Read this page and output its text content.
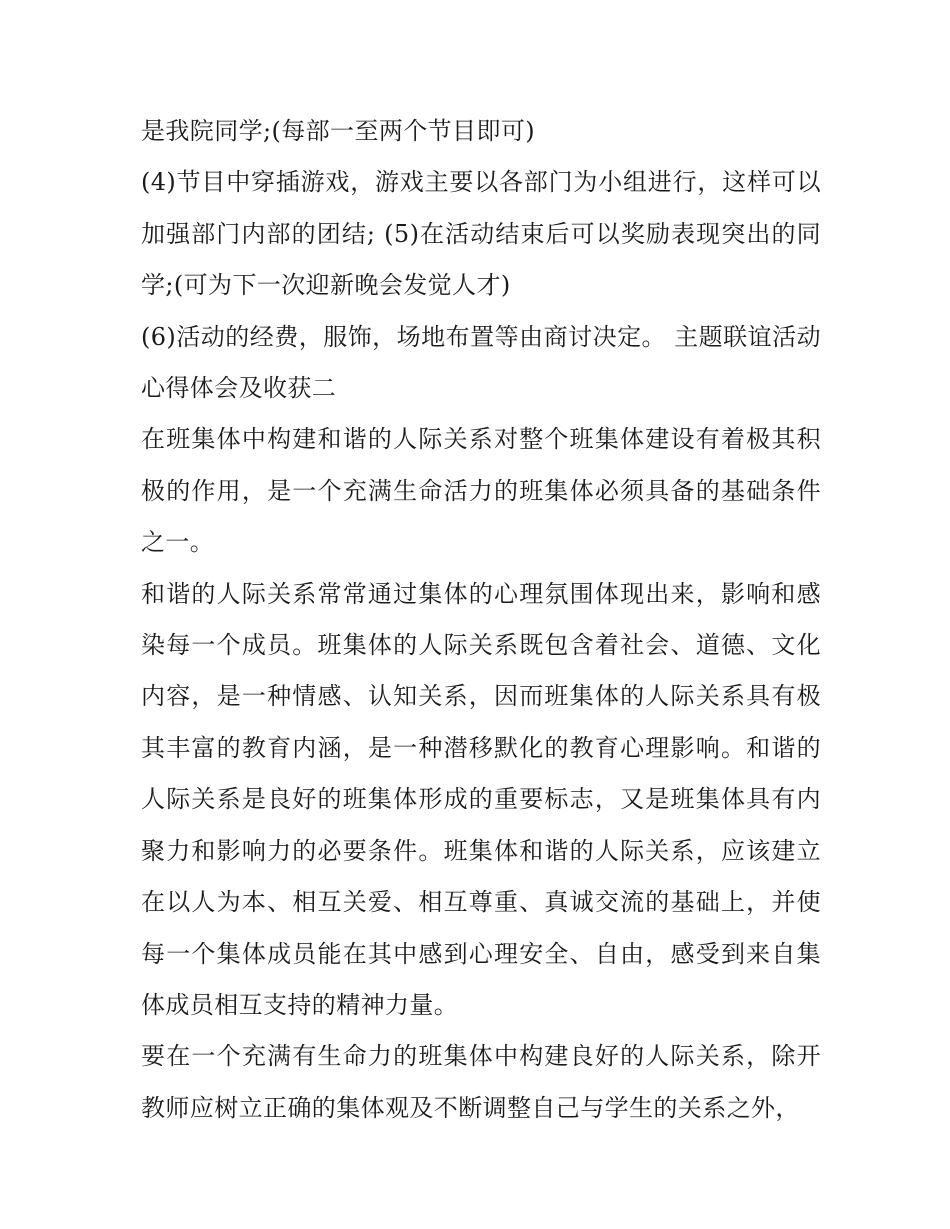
是我院同学;(每部一至两个节目即可)

(4)节目中穿插游戏，游戏主要以各部门为小组进行，这样可以加强部门内部的团结; (5)在活动结束后可以奖励表现突出的同学;(可为下一次迎新晚会发觉人才)

(6)活动的经费，服饰，场地布置等由商讨决定。 主题联谊活动心得体会及收获二

在班集体中构建和谐的人际关系对整个班集体建设有着极其积极的作用，是一个充满生命活力的班集体必须具备的基础条件之一。

和谐的人际关系常常通过集体的心理氛围体现出来，影响和感染每一个成员。班集体的人际关系既包含着社会、道德、文化内容，是一种情感、认知关系，因而班集体的人际关系具有极其丰富的教育内涵，是一种潜移默化的教育心理影响。和谐的人际关系是良好的班集体形成的重要标志，又是班集体具有内聚力和影响力的必要条件。班集体和谐的人际关系，应该建立在以人为本、相互关爱、相互尊重、真诚交流的基础上，并使每一个集体成员能在其中感到心理安全、自由，感受到来自集体成员相互支持的精神力量。

要在一个充满有生命力的班集体中构建良好的人际关系，除开教师应树立正确的集体观及不断调整自己与学生的关系之外，
